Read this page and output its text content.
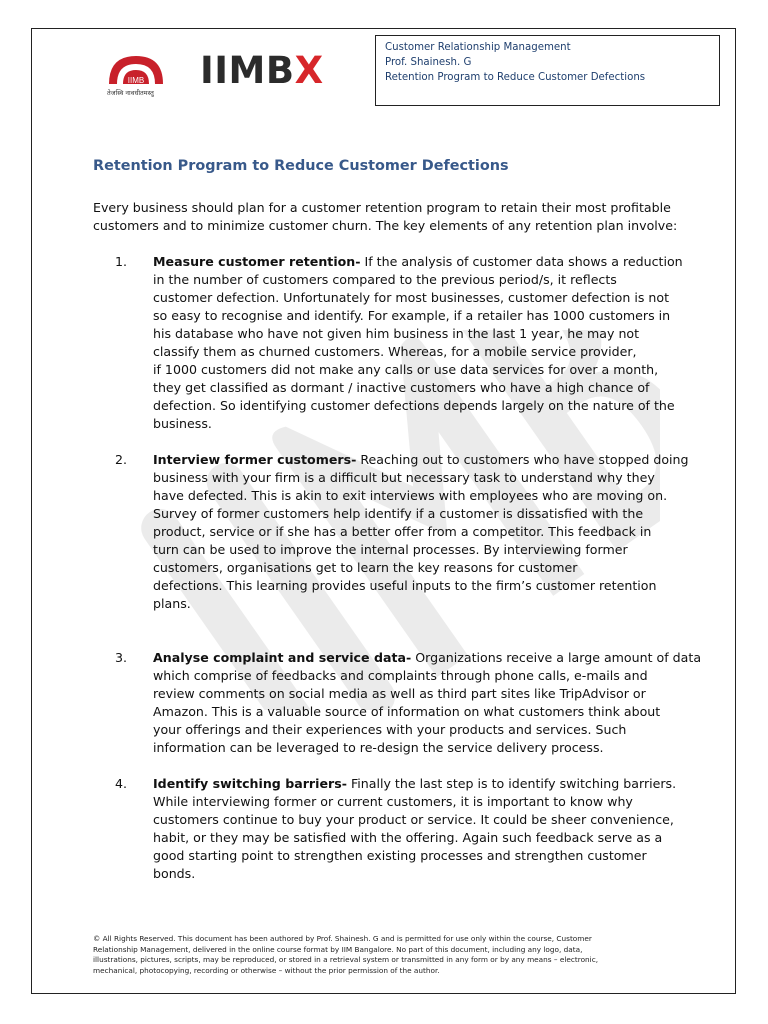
IIMB
तेजस्वि नावधीतमस्तु
IIMBX
Customer Relationship Management
Prof. Shainesh. G
Retention Program to Reduce Customer Defections
Retention Program to Reduce Customer Defections

Every business should plan for a customer retention program to retain their most profitable

customers and to minimize customer churn. The key elements of any retention plan involve:

1. Measure customer retention- If the analysis of customer data shows a reduction

in the number of customers compared to the previous period/s, it reflects

customer defection. Unfortunately for most businesses, customer defection is not

so easy to recognise and identify. For example, if a retailer has 1000 customers in

his database who have not given him business in the last 1 year, he may not

classify them as churned customers. Whereas, for a mobile service provider,

if 1000 customers did not make any calls or use data services for over a month,

they get classified as dormant / inactive customers who have a high chance of

defection. So identifying customer defections depends largely on the nature of the

business.

2. Interview former customers- Reaching out to customers who have stopped doing

business with your firm is a difficult but necessary task to understand why they

have defected. This is akin to exit interviews with employees who are moving on.

Survey of former customers help identify if a customer is dissatisfied with the

product, service or if she has a better offer from a competitor. This feedback in

turn can be used to improve the internal processes. By interviewing former

customers, organisations get to learn the key reasons for customer

defections. This learning provides useful inputs to the firm’s customer retention

plans.

3. Analyse complaint and service data- Organizations receive a large amount of data

which comprise of feedbacks and complaints through phone calls, e-mails and

review comments on social media as well as third part sites like TripAdvisor or

Amazon. This is a valuable source of information on what customers think about

your offerings and their experiences with your products and services. Such

information can be leveraged to re-design the service delivery process.

4. Identify switching barriers- Finally the last step is to identify switching barriers.

While interviewing former or current customers, it is important to know why

customers continue to buy your product or service. It could be sheer convenience,

habit, or they may be satisfied with the offering. Again such feedback serve as a

good starting point to strengthen existing processes and strengthen customer

bonds.

© All Rights Reserved. This document has been authored by Prof. Shainesh. G and is permitted for use only within the course, Customer
Relationship Management, delivered in the online course format by IIM Bangalore. No part of this document, including any logo, data,
illustrations, pictures, scripts, may be reproduced, or stored in a retrieval system or transmitted in any form or by any means – electronic,
mechanical, photocopying, recording or otherwise – without the prior permission of the author.
